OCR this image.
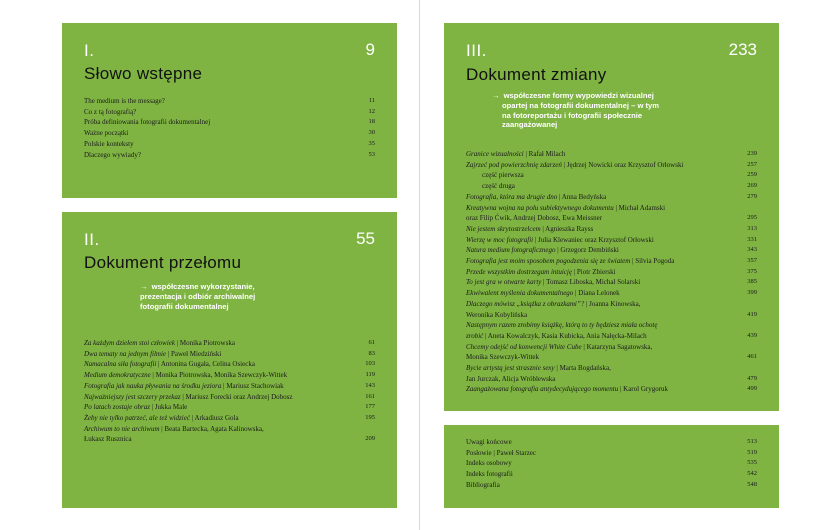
I.	9
Słowo wstępne
The medium is the message?	11
Co z tą fotografią?	12
Próba definiowania fotografii dokumentalnej	18
Ważne początki	30
Polskie konteksty	35
Dlaczego wywiady?	53
II.	55
Dokument przełomu
→ współczesne wykorzystanie,
prezentacja i odbiór archiwalnej
fotografii dokumentalnej
Za każdym dziełem stoi człowiek | Monika Piotrowska	61
Dwa tematy na jednym filmie | Paweł Miedziński	83
Namacalna siła fotografii | Antonina Gugała, Celina Osiecka	103
Medium demokratyczne | Monika Piotrowska, Monika Szewczyk-Wittek	119
Fotografia jak nauka pływania na środku jeziora | Mariusz Stachowiak	143
Najważniejszy jest szczery przekaz | Mariusz Forecki oraz Andrzej Dobosz	161
Po latach zostaje obraz | Jukka Male	177
Żeby nie tylko patrzeć, ale też widzieć | Arkadiusz Gola	195
Archiwum to nie archiwum | Beata Bartecka, Agata Kalinowska,
Łukasz Rusznica	209
III.	233
Dokument zmiany
→ współczesne formy wypowiedzi wizualnej
opartej na fotografii dokumentalnej – w tym
na fotoreportażu i fotografii społecznie
zaangażowanej
Granice wizualności | Rafał Milach	239
Zajrzeć pod powierzchnię zdarzeń | Jędrzej Nowicki oraz Krzysztof Orłowski	257
część pierwsza	259
część druga	269
Fotografia, która ma drugie dno | Anna Bedyńska	279
Kreatywna wojna na polu subiektywnego dokumentu | Michał Adamski
oraz Filip Ćwik, Andrzej Dobosz, Ewa Meissner	295
Nie jestem skrytostrzelcem | Agnieszka Rayss	313
Wierzę w moc fotografii | Julia Klewaniec oraz Krzysztof Orłowski	331
Natura medium fotograficznego | Grzegorz Dembiński	343
Fotografia jest moim sposobem pogodzenia się ze światem | Silvia Pogoda	357
Przede wszystkim dostrzegam intuicję | Piotr Zbierski	375
To jest gra w otwarte karty | Tomasz Liboska, Michał Solarski	385
Ekwiwalent myślenia dokumentalnego | Diana Lelonek	399
Dlaczego mówisz „książka z obrazkami”? | Joanna Kinowska,
Weronika Kobylińska	419
Następnym razem zrobimy książkę, którą to ty będziesz miała ochotę
zrobić | Aneta Kowalczyk, Kasia Kubicka, Ania Nałęcka-Milach	439
Chcemy odejść od konwencji White Cube | Katarzyna Sagatowska,
Monika Szewczyk-Wittek	461
Bycie artystą jest strasznie sexy | Marta Bogdańska,
Jan Jurczak, Alicja Wróblewska	479
Zaangażowana fotografia antydecydującego momentu | Karol Grygoruk	499
Uwagi końcowe	513
Posłowie | Paweł Starzec	519
Indeks osobowy	535
Indeks fotografii	542
Bibliografia	548
